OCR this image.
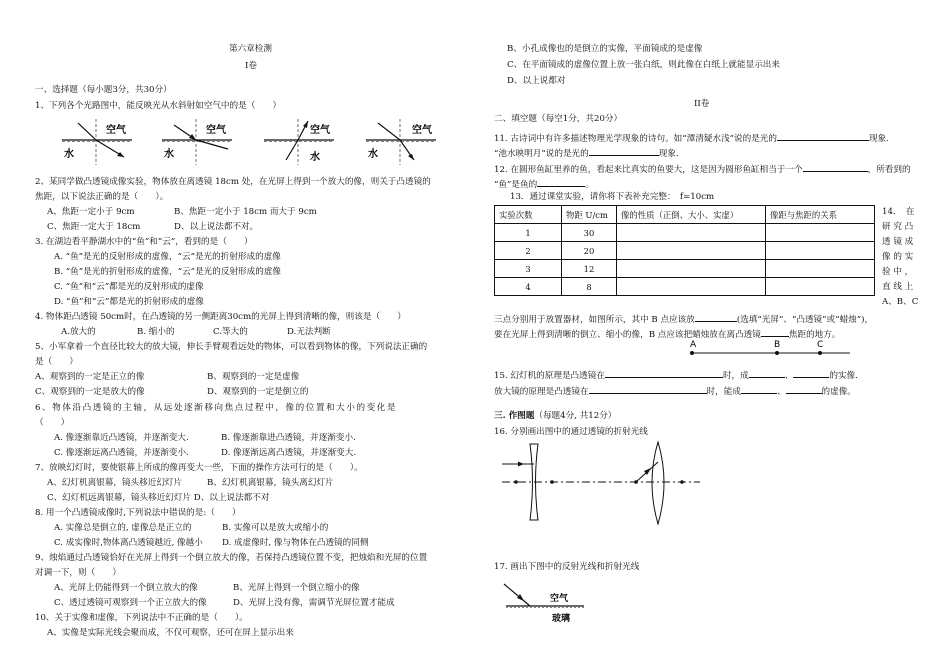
第六章检测
Ⅰ卷
一、选择题（每小题3分，共30分）
1、下列各个光路图中，能反映光从水斜射如空气中的是（　　）
空气
水
空气
水
空气
水
空气
水
2、某同学做凸透镜成像实验，物体放在离透镜 18cm 处，在光屏上得到一个放大的像，则关于凸透镜的
焦距，以下说法正确的是（　　）。
A、焦距一定小于 9cm	B、焦距一定小于 18cm 而大于 9cm
C、焦距一定大于 18cm	D、以上说法都不对。
3. 在湖边看平静湖水中的“鱼”和“云”，看到的是（　　）
A. “鱼”是光的反射形成的虚像，“云”是光的折射形成的虚像
B. “鱼”是光的折射形成的虚像，“云”是光的反射形成的虚像
C. “鱼”和“云”都是光的反射形成的虚像
D. “鱼”和“云”都是光的折射形成的虚像
4. 物体距凸透镜 50cm时，在凸透镜的另一侧距离30cm的光屏上得到清晰的像，则该是（　　）
A.放大的	B. 缩小的	C.等大的	D.无法判断
5、小军拿着一个直径比较大的放大镜，伸长手臂观看远处的物体，可以看到物体的像，下列说法正确的
是（　　）
A、观察到的一定是正立的像	B、观察到的一定是虚像
C、观察到的一定是放大的像	D、观察到的一定是倒立的
6、物体沿凸透镜的主轴，从远处逐渐移向焦点过程中，像的位置和大小的变化是
（　　）
A. 像逐渐靠近凸透镜，并逐渐变大.	B. 像逐渐靠进凸透镜，并逐渐变小.
C. 像逐渐远离凸透镜，并逐渐变小.	D. 像逐渐远离凸透镜，并逐渐变大.
7、放映幻灯时，要使银幕上所成的像再变大一些，下面的操作方法可行的是（　　）。
A、幻灯机离银幕，镜头移近幻灯片	B、幻灯机离银幕，镜头离幻灯片
C、幻灯机远离银幕，镜头移近幻灯片 D、以上说法都不对
8. 用一个凸透镜成像时,下列说法中错误的是:（　　）
A. 实像总是倒立的, 虚像总是正立的	B. 实像可以是放大或缩小的
C. 成实像时,物体离凸透镜越近, 像越小 D. 成虚像时, 像与物体在凸透镜的同侧
9、烛焰通过凸透镜恰好在光屏上得到一个倒立放大的像，若保持凸透镜位置不变，把烛焰和光屏的位置
对调一下，则（　　）
A、光屏上仍能得到一个倒立放大的像	B、光屏上得到一个倒立缩小的像
C、透过透镜可观察到一个正立放大的像	D、光屏上没有像，需调节光屏位置才能成
10、关于实像和虚像，下列说法中不正确的是（　　）。
A、实像是实际光线会聚而成，不仅可观察，还可在屏上显示出来
B、小孔成像也的是倒立的实像，平面镜成的是虚像
C、在平面镜成的虚像位置上放一张白纸，则此像在白纸上就能显示出来
D、以上说都对
II卷
二、填空题（每空1分，共20分）
11. 古诗词中有许多描述物理光学现象的诗句。如“潭清疑水浅”说的是光的	现象.
“池水映明月”说的是光的	现象.
12. 在圆形鱼缸里养的鱼，看起来比真实的鱼要大，这是因为圆形鱼缸相当于一个	，所看到的
“鱼”是鱼的	。
13．通过课堂实验，请你将下表补充完整：　f=10cm
实验次数	物距 U/cm	像的性质（正倒、大小、实虚）	像距与焦距的关系
1	30		
2	20		
3	12		
4	8		
14．　在
研 究 凸
透 镜 成
像 的 实
验 中 ，
直 线 上
A、B、C
三点分别用于放置器材，如图所示，其中 B 点应该放	(选填“光屏”、“凸透镜”或“蜡烛”)，
要在光屏上得到清晰的倒立、缩小的像，B 点应该把蜡烛放在离凸透镜	焦距的地方。
A	B	C
15. 幻灯机的原理是凸透镜在	时，成	、	的实像.
放大镜的原理是凸透镜在	时，能成	、	的虚像。
三. 作图题（每题4分, 共12分）
16. 分别画出图中的通过透镜的折射光线
17. 画出下图中的反射光线和折射光线
空气
玻璃
